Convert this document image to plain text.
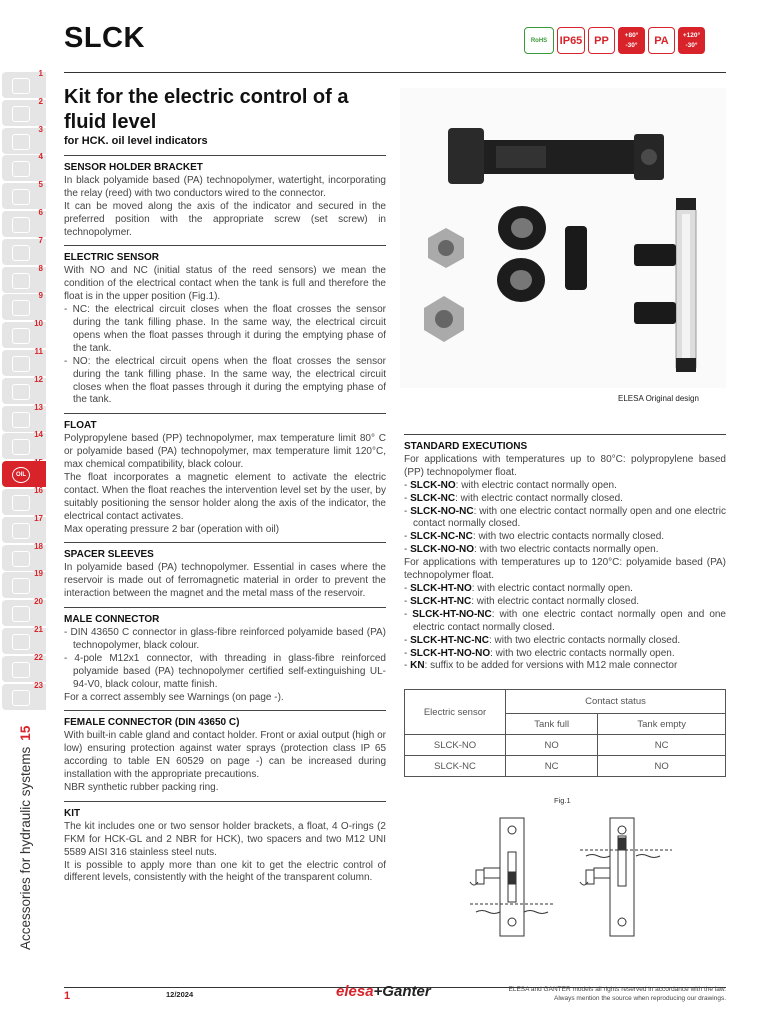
SLCK	RoHS	IP65	PP	+80°
-30°	PA	+120°
-30°
1
2
3
4
5
6
7
8
9
10
11
12
13
14
OIL
15
16
17
18
19
20
21
22
23
Accessories for hydraulic systems15
Kit for the electric control of a fluid level
for HCK. oil level indicators
SENSOR HOLDER BRACKET

In black polyamide based (PA) technopolymer, watertight, incorporating the relay (reed) with two conductors wired to the connector.

It can be moved along the axis of the indicator and secured in the preferred position with the appropriate screw (set screw) in technopolymer.

ELECTRIC SENSOR

With NO and NC (initial status of the reed sensors) we mean the condition of the electrical contact when the tank is full and therefore the float is in the upper position (Fig.1).

- NC: the electrical circuit closes when the float crosses the sensor during the tank filling phase. In the same way, the electrical circuit opens when the float passes through it during the emptying phase of the tank.

- NO: the electrical circuit opens when the float crosses the sensor during the tank filling phase. In the same way, the electrical circuit closes when the float passes through it during the emptying phase of the tank.

FLOAT

Polypropylene based (PP) technopolymer, max temperature limit 80° C or polyamide based (PA) technopolymer, max temperature limit 120°C, max chemical compatibility, black colour.

The float incorporates a magnetic element to activate the electric contact. When the float reaches the intervention level set by the user, by suitably positioning the sensor holder along the axis of the indicator, the electrical contact activates.

Max operating pressure 2 bar (operation with oil)

SPACER SLEEVES

In polyamide based (PA) technopolymer. Essential in cases where the reservoir is made out of ferromagnetic material in order to prevent the interaction between the magnet and the metal mass of the reservoir.

MALE CONNECTOR

- DIN 43650 C connector in glass-fibre reinforced polyamide based (PA) technopolymer, black colour.

- 4-pole M12x1 connector, with threading in glass-fibre reinforced polyamide based (PA) technopolymer certified self-extinguishing UL-94-V0, black colour, matte finish.

For a correct assembly see Warnings (on page -).

FEMALE CONNECTOR (DIN 43650 C)

With built-in cable gland and contact holder. Front or axial output (high or low) ensuring protection against water sprays (protection class IP 65 according to table EN 60529 on page -) can be increased during installation with the appropriate precautions.

NBR synthetic rubber packing ring.

KIT

The kit includes one or two sensor holder brackets, a float, 4 O-rings (2 FKM for HCK-GL and 2 NBR for HCK), two spacers and two M12 UNI 5589 AISI 316 stainless steel nuts.

It is possible to apply more than one kit to get the electric control of different levels, consistently with the height of the transparent column.

ELESA Original design
STANDARD EXECUTIONS

For applications with temperatures up to 80°C: polypropylene based (PP) technopolymer float.

- SLCK-NO: with electric contact normally open.

- SLCK-NC: with electric contact normally closed.

- SLCK-NO-NC: with one electric contact normally open and one electric contact normally closed.

- SLCK-NC-NC: with two electric contacts normally closed.

- SLCK-NO-NO: with two electric contacts normally open.

For applications with temperatures up to 120°C: polyamide based (PA) technopolymer float.

- SLCK-HT-NO: with electric contact normally open.

- SLCK-HT-NC: with electric contact normally closed.

- SLCK-HT-NO-NC: with one electric contact normally open and one electric contact normally closed.

- SLCK-HT-NC-NC: with two electric contacts normally closed.

- SLCK-HT-NO-NO: with two electric contacts normally open.

- KN: suffix to be added for versions with M12 male connector

Electric sensor	Contact status	
	Tank full	Tank empty
SLCK-NO	NO	NC
SLCK-NC	NC	NO
Fig.1
1	12/2024	elesa+Ganter	ELESA and GANTER models all rights reserved in accordance with the law.
Always mention the source when reproducing our drawings.
